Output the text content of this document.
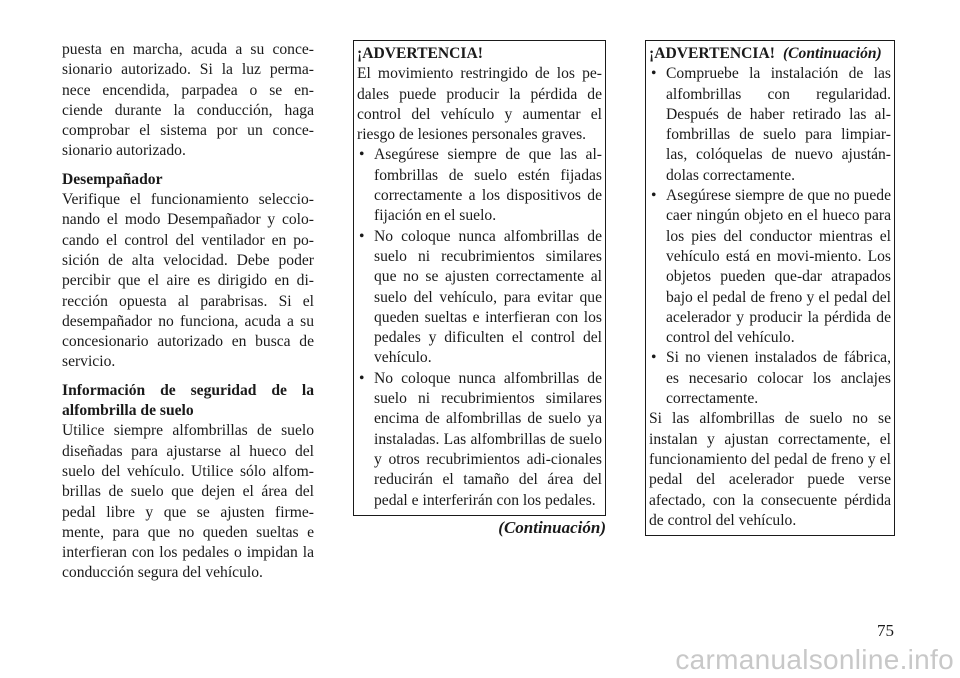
puesta en marcha, acuda a su conce-sionario autorizado. Si la luz perma-nece encendida, parpadea o se en-ciende durante la conducción, haga comprobar el sistema por un conce-sionario autorizado.

Desempañador

Verifique el funcionamiento seleccio-nando el modo Desempañador y colo-cando el control del ventilador en po-sición de alta velocidad. Debe poder percibir que el aire es dirigido en di-rección opuesta al parabrisas. Si el desempañador no funciona, acuda a su concesionario autorizado en busca de servicio.

Información de seguridad de la alfombrilla de suelo

Utilice siempre alfombrillas de suelo diseñadas para ajustarse al hueco del suelo del vehículo. Utilice sólo alfom-brillas de suelo que dejen el área del pedal libre y que se ajusten firme-mente, para que no queden sueltas e interfieran con los pedales o impidan la conducción segura del vehículo.

¡ADVERTENCIA!

El movimiento restringido de los pe-dales puede producir la pérdida de control del vehículo y aumentar el riesgo de lesiones personales graves.

• Asegúrese siempre de que las al-fombrillas de suelo estén fijadas correctamente a los dispositivos de fijación en el suelo.
• No coloque nunca alfombrillas de suelo ni recubrimientos similares que no se ajusten correctamente al suelo del vehículo, para evitar que queden sueltas e interfieran con los pedales y dificulten el control del vehículo.
• No coloque nunca alfombrillas de suelo ni recubrimientos similares encima de alfombrillas de suelo ya instaladas. Las alfombrillas de suelo y otros recubrimientos adi-cionales reducirán el tamaño del área del pedal e interferirán con los pedales.
(Continuación)

¡ADVERTENCIA! (Continuación)

• Compruebe la instalación de las alfombrillas con regularidad. Después de haber retirado las al-fombrillas de suelo para limpiar-las, colóquelas de nuevo ajustán-dolas correctamente.
• Asegúrese siempre de que no puede caer ningún objeto en el hueco para los pies del conductor mientras el vehículo está en movi-miento. Los objetos pueden que-dar atrapados bajo el pedal de freno y el pedal del acelerador y producir la pérdida de control del vehículo.
• Si no vienen instalados de fábrica, es necesario colocar los anclajes correctamente.

Si las alfombrillas de suelo no se instalan y ajustan correctamente, el funcionamiento del pedal de freno y el pedal del acelerador puede verse afectado, con la consecuente pérdida de control del vehículo.

75
carmanualsonline.info
